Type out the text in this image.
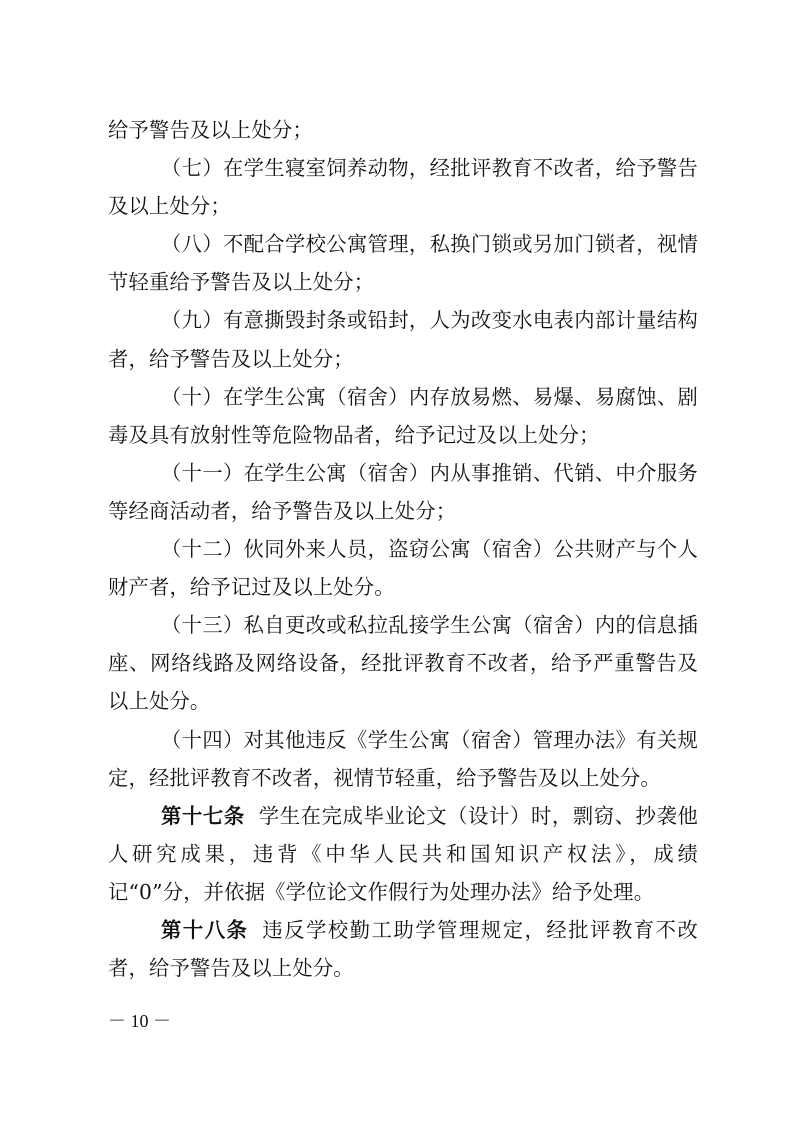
给予警告及以上处分；

（七）在学生寝室饲养动物，经批评教育不改者，给予警告及以上处分；

（八）不配合学校公寓管理，私换门锁或另加门锁者，视情节轻重给予警告及以上处分；

（九）有意撕毁封条或铅封，人为改变水电表内部计量结构者，给予警告及以上处分；

（十）在学生公寓（宿舍）内存放易燃、易爆、易腐蚀、剧毒及具有放射性等危险物品者，给予记过及以上处分；

（十一）在学生公寓（宿舍）内从事推销、代销、中介服务等经商活动者，给予警告及以上处分；

（十二）伙同外来人员，盗窃公寓（宿舍）公共财产与个人财产者，给予记过及以上处分。

（十三）私自更改或私拉乱接学生公寓（宿舍）内的信息插座、网络线路及网络设备，经批评教育不改者，给予严重警告及以上处分。

（十四）对其他违反《学生公寓（宿舍）管理办法》有关规定，经批评教育不改者，视情节轻重，给予警告及以上处分。

第十七条 学生在完成毕业论文（设计）时，剽窃、抄袭他人研究成果，违背《中华人民共和国知识产权法》，成绩记“0”分，并依据《学位论文作假行为处理办法》给予处理。

第十八条 违反学校勤工助学管理规定，经批评教育不改者，给予警告及以上处分。

－ 10 －
